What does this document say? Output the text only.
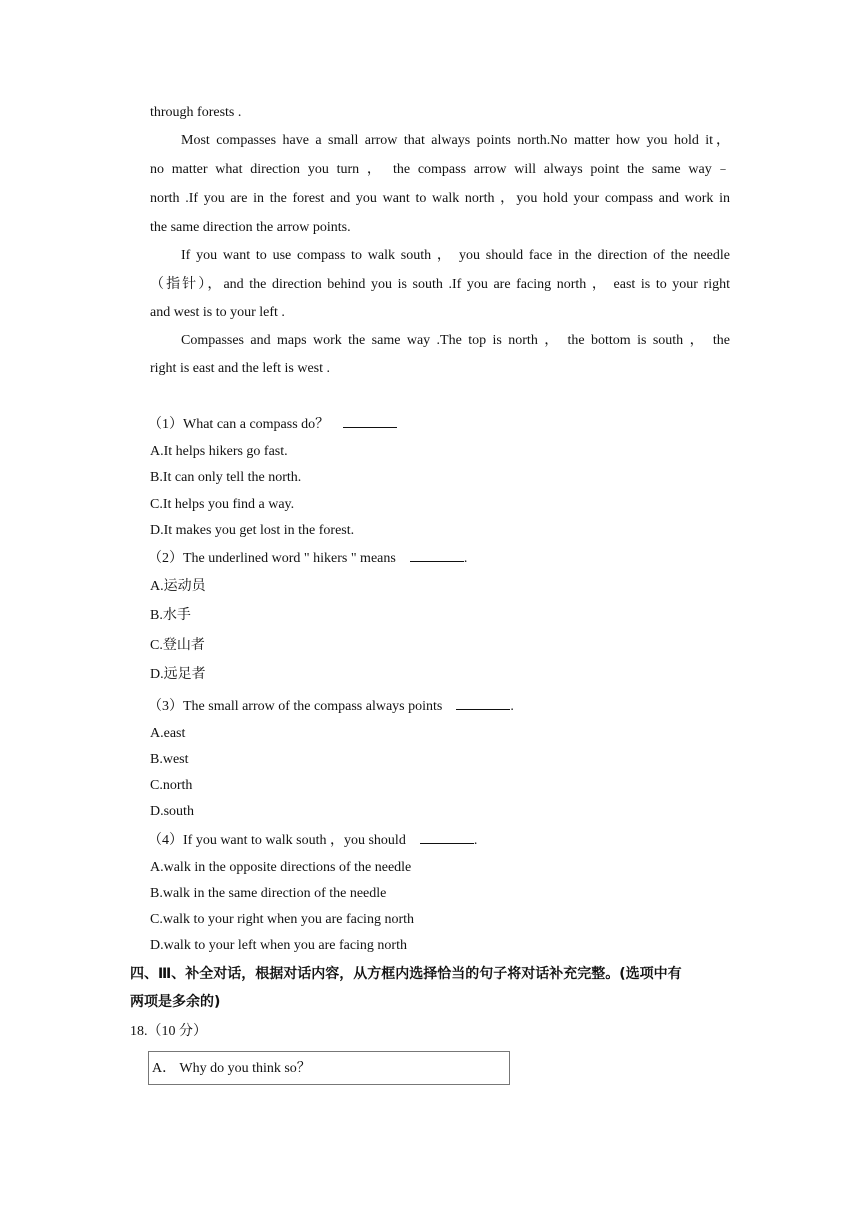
through forests .
Most compasses have a small arrow that always points north.No matter how you hold it，
no matter what direction you turn ， the compass arrow will always point the same way﹣
north .If you are in the forest and you want to walk north ，you hold your compass and work in
the same direction the arrow points.
If you want to use compass to walk south ， you should face in the direction of the needle
（指针），and the direction behind you is south .If you are facing north ， east is to your right
and west is to your left .
Compasses and maps work the same way .The top is north ， the bottom is south ， the
right is east and the left is west .
（1）What can a compass do？
A.It helps hikers go fast.
B.It can only tell the north.
C.It helps you find a way.
D.It makes you get lost in the forest.
（2）The underlined word " hikers " means	.
A.运动员
B.水手
C.登山者
D.远足者
（3）The small arrow of the compass always points	.
A.east
B.west
C.north
D.south
（4）If you want to walk south ，you should	.
A.walk in the opposite directions of the needle
B.walk in the same direction of the needle
C.walk to your right when you are facing north
D.walk to your left when you are facing north
四、Ⅲ、补全对话，根据对话内容，从方框内选择恰当的句子将对话补充完整。(选项中有
两项是多余的)
18.（10 分）
A． Why do you think so？
